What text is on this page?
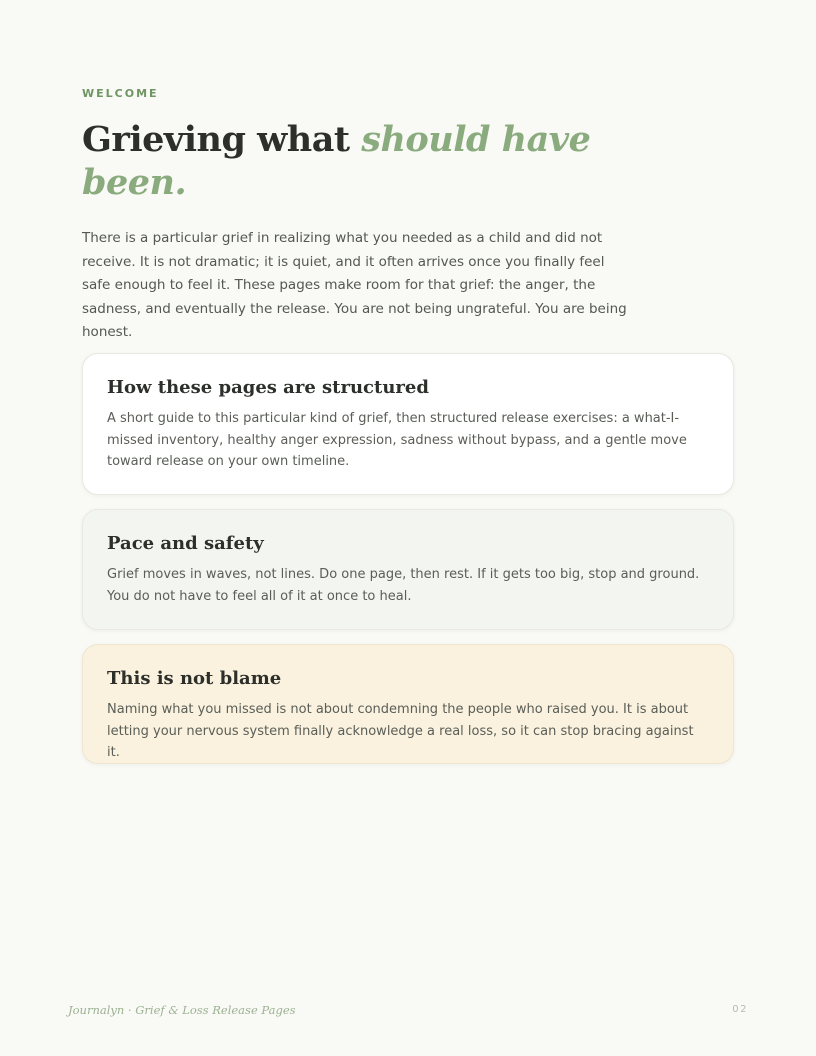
WELCOME
Grieving what should have been.

There is a particular grief in realizing what you needed as a child and did not receive. It is not dramatic; it is quiet, and it often arrives once you finally feel safe enough to feel it. These pages make room for that grief: the anger, the sadness, and eventually the release. You are not being ungrateful. You are being honest.

How these pages are structured

A short guide to this particular kind of grief, then structured release exercises: a what-I-missed inventory, healthy anger expression, sadness without bypass, and a gentle move toward release on your own timeline.

Pace and safety

Grief moves in waves, not lines. Do one page, then rest. If it gets too big, stop and ground. You do not have to feel all of it at once to heal.

This is not blame

Naming what you missed is not about condemning the people who raised you. It is about letting your nervous system finally acknowledge a real loss, so it can stop bracing against it.

Journalyn · Grief & Loss Release Pages	02
